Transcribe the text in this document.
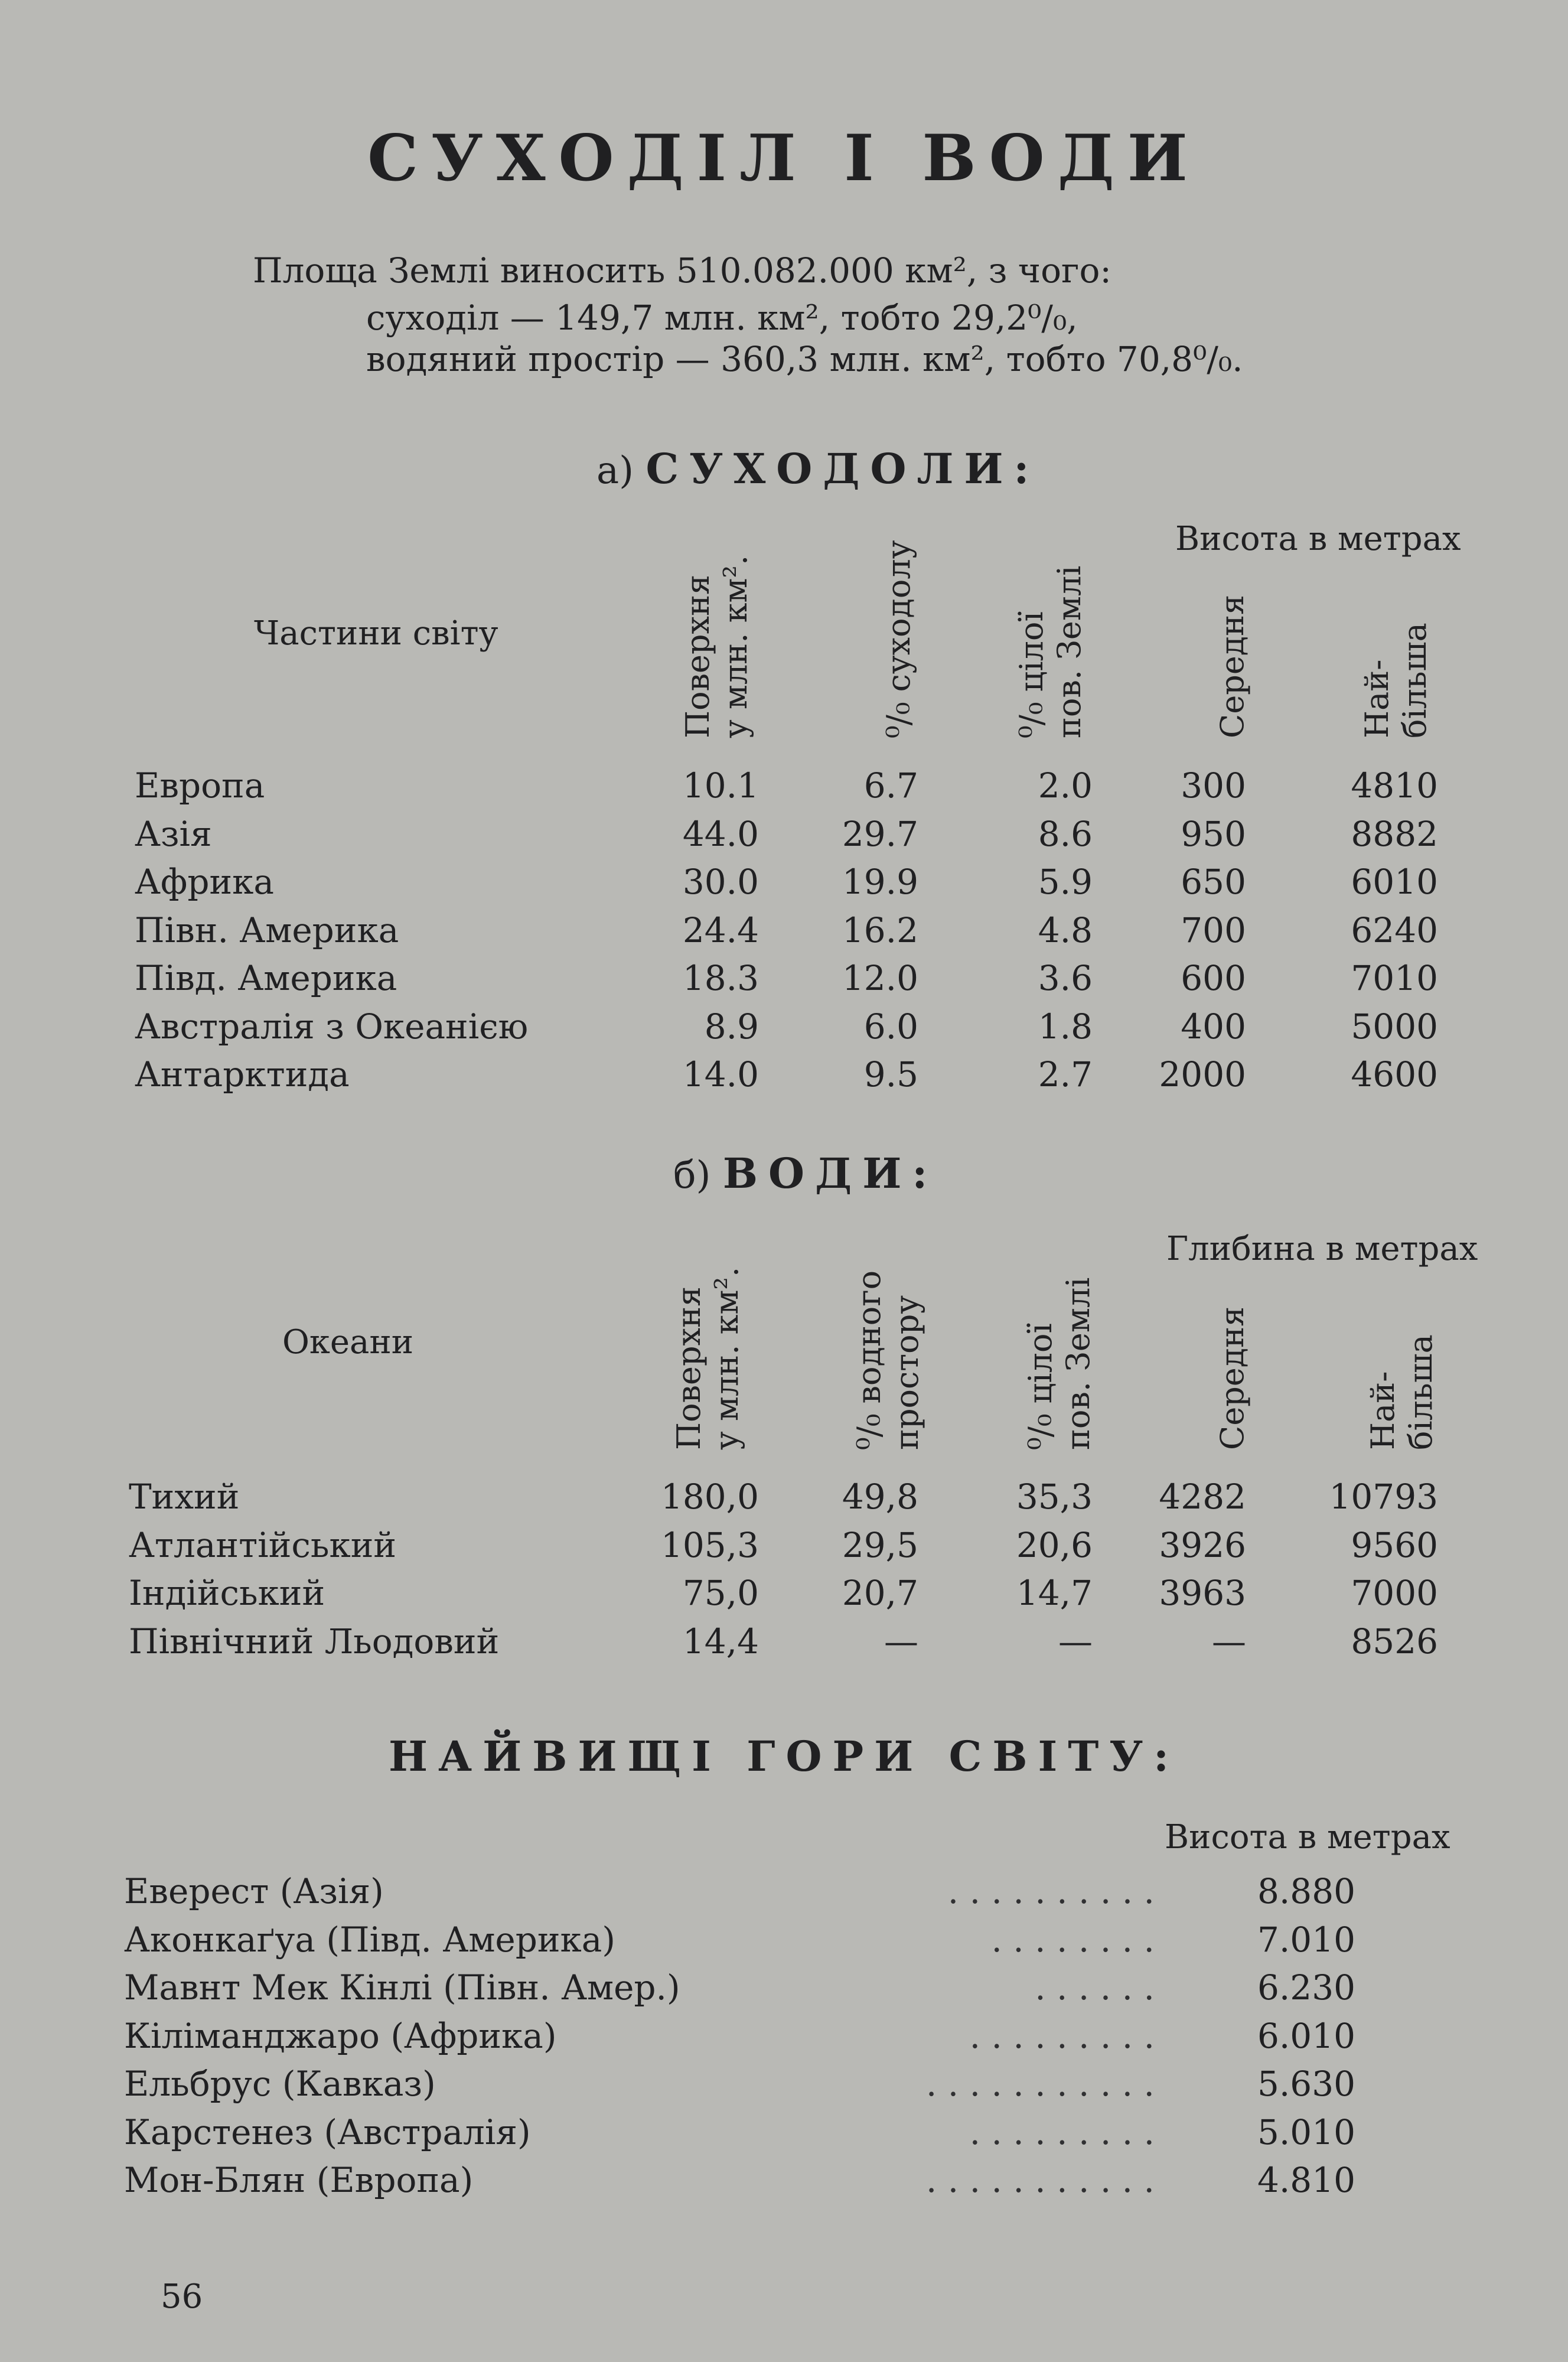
СУХОДІЛ І ВОДИ
Площа Землі виносить 510.082.000 км², з чого:
суходіл — 149,7 млн. км², тобто 29,2⁰/₀,
водяний простір — 360,3 млн. км², тобто 70,8⁰/₀.
а) СУХОДОЛИ:
Висота в метрах
Частини світу	Поверхня у млн. км².	⁰/₀ суходолу	⁰/₀ цілої пов. Землі	Середня	Най- більша
Европа	10.1	6.7	2.0	300	4810
Азія	44.0	29.7	8.6	950	8882
Африка	30.0	19.9	5.9	650	6010
Півн. Америка	24.4	16.2	4.8	700	6240
Півд. Америка	18.3	12.0	3.6	600	7010
Австралія з Океанією	8.9	6.0	1.8	400	5000
Антарктида	14.0	9.5	2.7	2000	4600
б) ВОДИ:
Глибина в метрах
Океани	Поверхня у млн. км².	⁰/₀ водного простору	⁰/₀ цілої пов. Землі	Середня	Най- більша
Тихий	180,0	49,8	35,3	4282	10793
Атлантійський	105,3	29,5	20,6	3926	9560
Індійський	75,0	20,7	14,7	3963	7000
Північний Льодовий	14,4	—	—	—	8526
НАЙВИЩІ ГОРИ СВІТУ:
Висота в метрах
Еверест (Азія)	. . . . . . . . . .	8.880
Аконкаґуа (Півд. Америка)	. . . . . . . .	7.010
Мавнт Мек Кінлі (Півн. Амер.)	. . . . . .	6.230
Кіліманджаро (Африка)	. . . . . . . . .	6.010
Ельбрус (Кавказ)	. . . . . . . . . . .	5.630
Карстенез (Австралія)	. . . . . . . . .	5.010
Мон-Блян (Европа)	. . . . . . . . . . .	4.810
56
